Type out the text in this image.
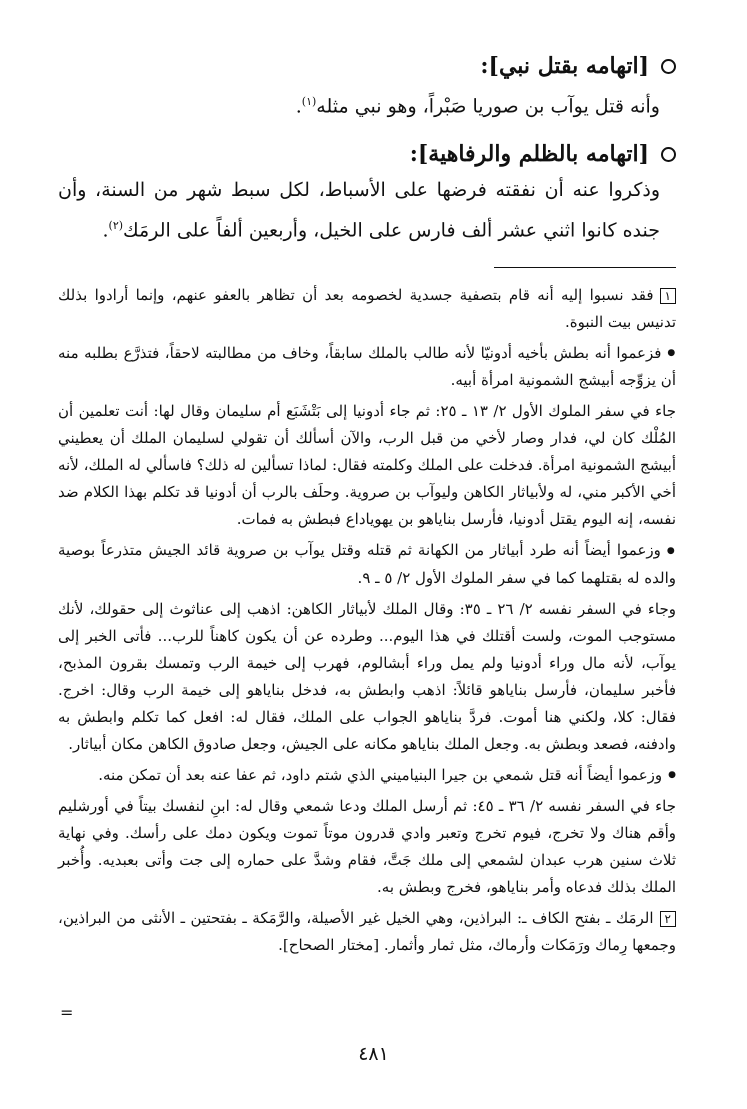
[اتهامه بقتل نبي]:

وأنه قتل يوآب بن صوريا صَبْراً، وهو نبي مثله$^{(١)}$.

[اتهامه بالظلم والرفاهية]:

وذكروا عنه أن نفقته فرضها على الأسباط، لكل سبط شهر من السنة، وأن جنده كانوا اثني عشر ألف فارس على الخيل، وأربعين ألفاً على الرمَك$^{(٢)}$.

١فقد نسبوا إليه أنه قام بتصفية جسدية لخصومه بعد أن تظاهر بالعفو عنهم، وإنما أرادوا بذلك تدنيس بيت النبوة.

● فزعموا أنه بطش بأخيه أدونيّا لأنه طالب بالملك سابقاً، وخاف من مطالبته لاحقاً، فتذرَّع بطلبه منه أن يزوِّجه أبيشج الشمونية امرأة أبيه.

جاء في سفر الملوك الأول ٢/ ١٣ ـ ٢٥: ثم جاء أدونيا إلى بَتْشَبَع أم سليمان وقال لها: أنت تعلمين أن المُلْك كان لي، فدار وصار لأخي من قبل الرب، والآن أسألك أن تقولي لسليمان الملك أن يعطيني أبيشج الشمونية امرأة. فدخلت على الملك وكلمته فقال: لماذا تسألين له ذلك؟ فاسألي له الملك، لأنه أخي الأكبر مني، له ولأبياثار الكاهن وليوآب بن صروية. وحلَف بالرب أن أدونيا قد تكلم بهذا الكلام ضد نفسه، إنه اليوم يقتل أدونيا، فأرسل بناياهو بن يهوياداع فبطش به فمات.

● وزعموا أيضاً أنه طرد أبياثار من الكهانة ثم قتله وقتل يوآب بن صروية قائد الجيش متذرعاً بوصية والده له بقتلهما كما في سفر الملوك الأول ٢/ ٥ ـ ٩.

وجاء في السفر نفسه ٢/ ٢٦ ـ ٣٥: وقال الملك لأبياثار الكاهن: اذهب إلى عناثوث إلى حقولك، لأنك مستوجب الموت، ولست أقتلك في هذا اليوم... وطرده عن أن يكون كاهناً للرب... فأتى الخبر إلى يوآب، لأنه مال وراء أدونيا ولم يمل وراء أبشالوم، فهرب إلى خيمة الرب وتمسك بقرون المذبح، فأخبر سليمان، فأرسل بناياهو قائلاً: اذهب وابطش به، فدخل بناياهو إلى خيمة الرب وقال: اخرج. فقال: كلا، ولكني هنا أموت. فردَّ بناياهو الجواب على الملك، فقال له: افعل كما تكلم وابطش به وادفنه، فصعد وبطش به. وجعل الملك بناياهو مكانه على الجيش، وجعل صادوق الكاهن مكان أبياثار.

● وزعموا أيضاً أنه قتل شمعي بن جيرا البنياميني الذي شتم داود، ثم عفا عنه بعد أن تمكن منه.

جاء في السفر نفسه ٢/ ٣٦ ـ ٤٥: ثم أرسل الملك ودعا شمعي وقال له: ابنِ لنفسك بيتاً في أورشليم وأقم هناك ولا تخرج، فيوم تخرج وتعبر وادي قدرون موتاً تموت ويكون دمك على رأسك. وفي نهاية ثلاث سنين هرب عبدان لشمعي إلى ملك جَتَّ، فقام وشدَّ على حماره إلى جت وأتى بعبديه. وأُخبر الملك بذلك فدعاه وأمر بناياهو، فخرج وبطش به.

٢الرمَك ـ بفتح الكاف ـ: البراذين، وهي الخيل غير الأصيلة، والرَّمَكة ـ بفتحتين ـ الأنثى من البراذين، وجمعها رِماك ورَمَكات وأرماك، مثل ثمار وأثمار. [مختار الصحاح].

=
٤٨١
